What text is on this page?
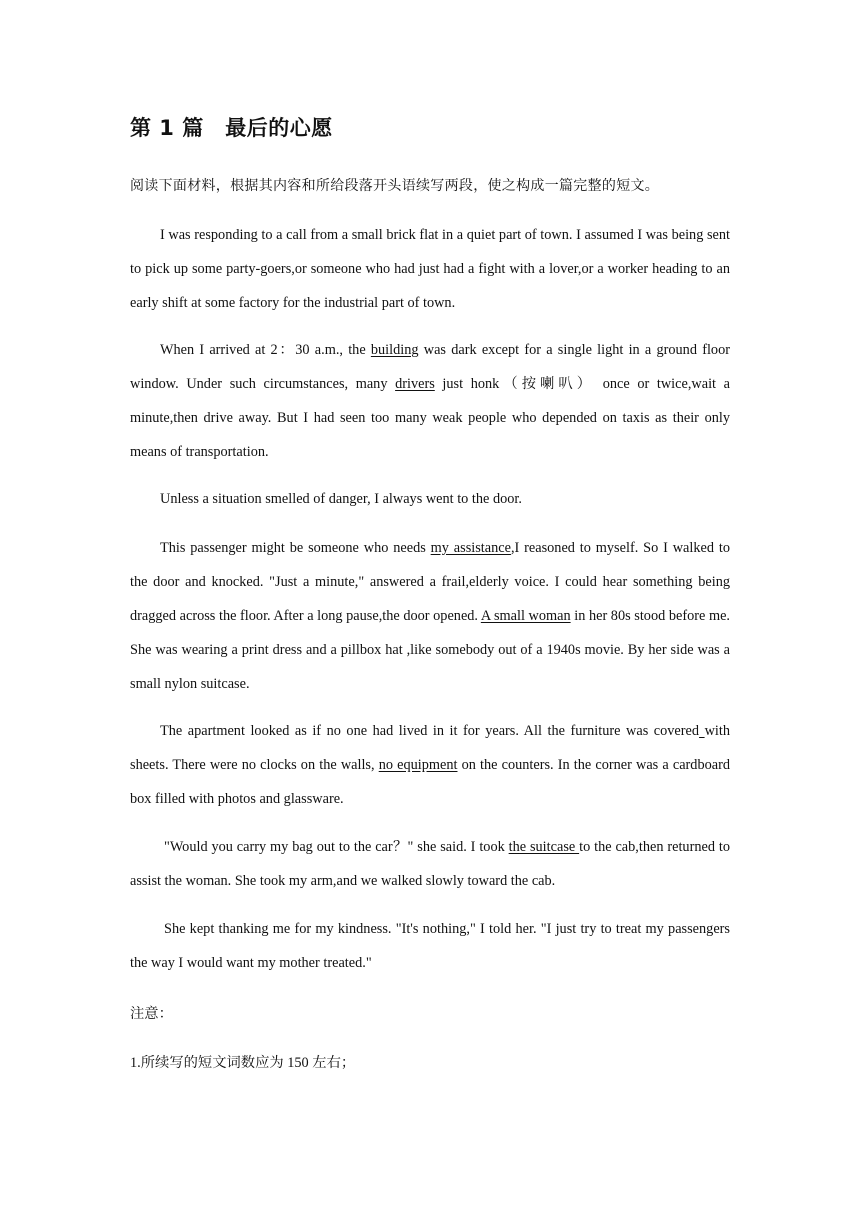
第 1 篇　最后的心愿

阅读下面材料，根据其内容和所给段落开头语续写两段，使之构成一篇完整的短文。

I was responding to a call from a small brick flat in a quiet part of town. I assumed I was being sent to pick up some party-goers,or someone who had just had a fight with a lover,or a worker heading to an early shift at some factory for the industrial part of town.

When I arrived at 2：30 a.m., the building was dark except for a single light in a ground floor window. Under such circumstances, many drivers just honk（按喇叭） once or twice,wait a minute,then drive away. But I had seen too many weak people who depended on taxis as their only means of transportation.

Unless a situation smelled of danger, I always went to the door.

This passenger might be someone who needs my assistance,I reasoned to myself. So I walked to the door and knocked. "Just a minute," answered a frail,elderly voice. I could hear something being dragged across the floor. After a long pause,the door opened. A small woman in her 80s stood before me. She was wearing a print dress and a pillbox hat ,like somebody out of a 1940s movie. By her side was a small nylon suitcase.

The apartment looked as if no one had lived in it for years. All the furniture was covered with sheets. There were no clocks on the walls, no equipment on the counters. In the corner was a cardboard box filled with photos and glassware.

"Would you carry my bag out to the car？" she said. I took the suitcase to the cab,then returned to assist the woman. She took my arm,and we walked slowly toward the cab.

She kept thanking me for my kindness. "It's nothing," I told her. "I just try to treat my passengers the way I would want my mother treated."

注意：

1.所续写的短文词数应为 150 左右；
